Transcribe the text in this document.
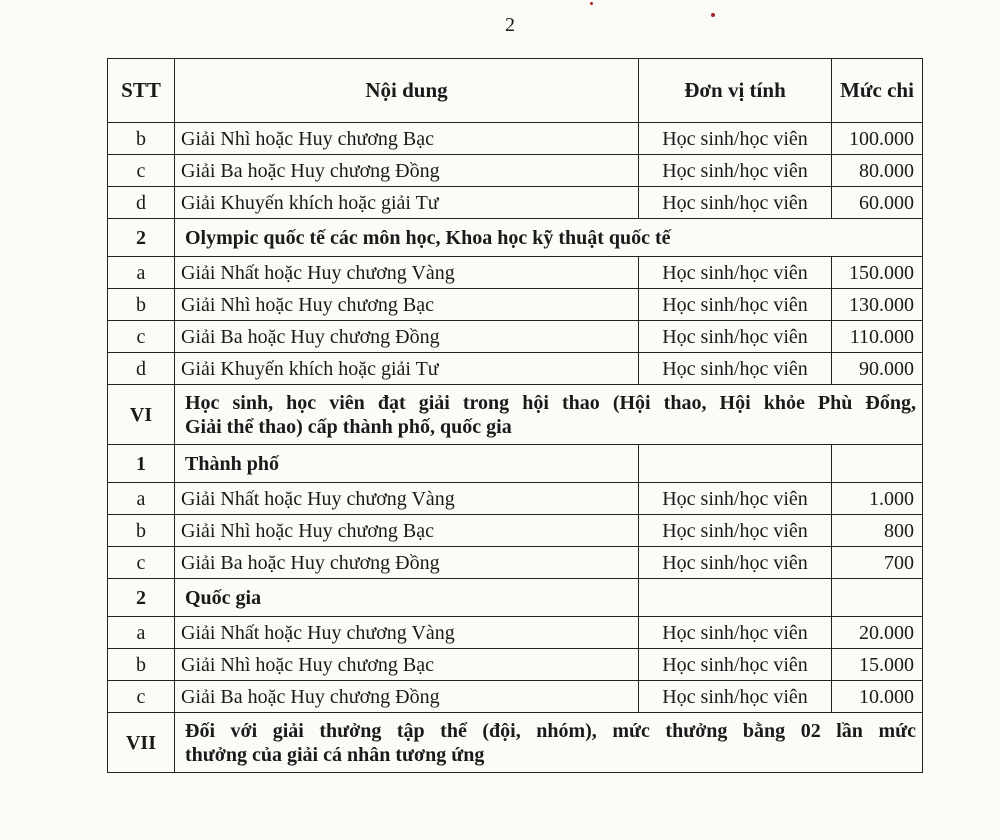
2
STT	Nội dung	Đơn vị tính	Mức chi
b	Giải Nhì hoặc Huy chương Bạc	Học sinh/học viên	100.000
c	Giải Ba hoặc Huy chương Đồng	Học sinh/học viên	80.000
d	Giải Khuyến khích hoặc giải Tư	Học sinh/học viên	60.000
2	Olympic quốc tế các môn học, Khoa học kỹ thuật quốc tế		
a	Giải Nhất hoặc Huy chương Vàng	Học sinh/học viên	150.000
b	Giải Nhì hoặc Huy chương Bạc	Học sinh/học viên	130.000
c	Giải Ba hoặc Huy chương Đồng	Học sinh/học viên	110.000
d	Giải Khuyến khích hoặc giải Tư	Học sinh/học viên	90.000
VI	Học sinh, học viên đạt giải trong hội thao (Hội thao, Hội khỏe Phù Đổng,
Giải thể thao) cấp thành phố, quốc gia		

1	Thành phố		
a	Giải Nhất hoặc Huy chương Vàng	Học sinh/học viên	1.000
b	Giải Nhì hoặc Huy chương Bạc	Học sinh/học viên	800
c	Giải Ba hoặc Huy chương Đồng	Học sinh/học viên	700
2	Quốc gia		
a	Giải Nhất hoặc Huy chương Vàng	Học sinh/học viên	20.000
b	Giải Nhì hoặc Huy chương Bạc	Học sinh/học viên	15.000
c	Giải Ba hoặc Huy chương Đồng	Học sinh/học viên	10.000
VII	Đối với giải thưởng tập thể (đội, nhóm), mức thưởng bằng 02 lần mức
thưởng của giải cá nhân tương ứng		
